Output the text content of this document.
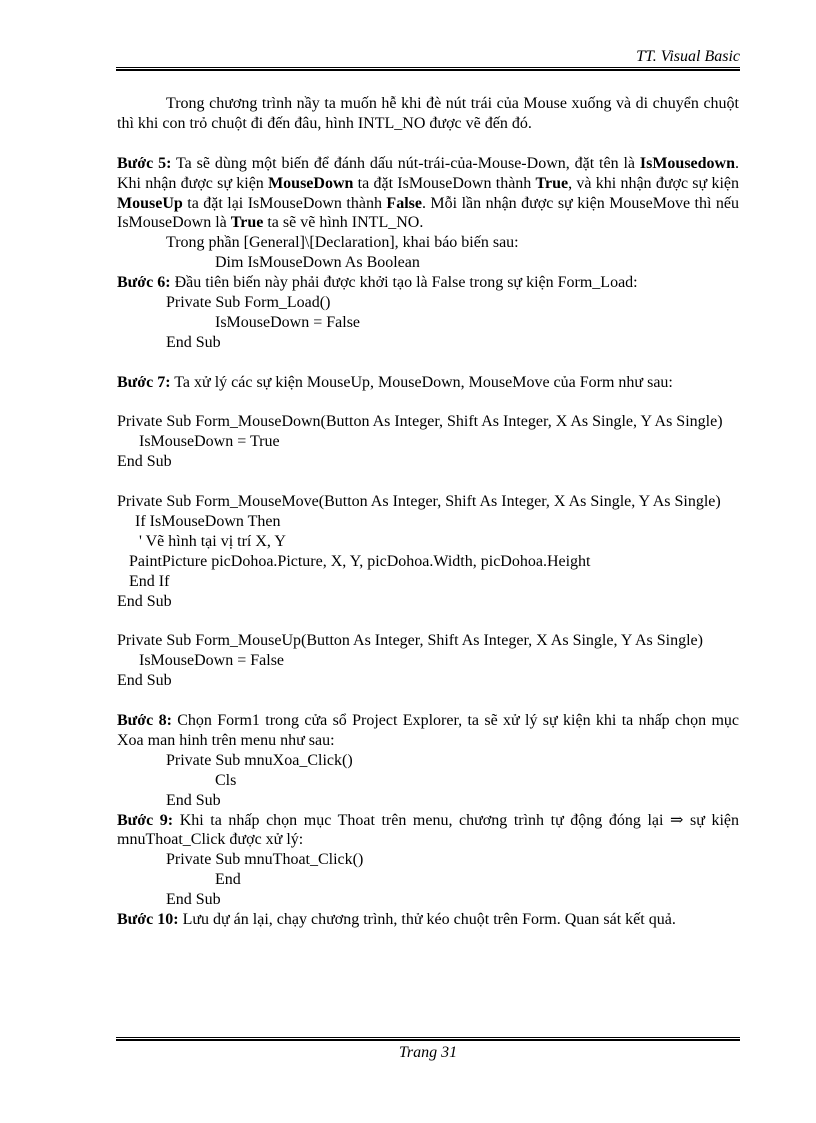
TT. Visual Basic

Trong chương trình nầy ta muốn hễ khi đè nút trái của Mouse xuống và di chuyển chuột thì khi con trỏ chuột đi đến đâu, hình INTL_NO được vẽ đến đó.

Bước 5: Ta sẽ dùng một biến để đánh dấu nút-trái-của-Mouse-Down, đặt tên là IsMousedown. Khi nhận được sự kiện MouseDown ta đặt IsMouseDown thành True, và khi nhận được sự kiện MouseUp ta đặt lại IsMouseDown thành False. Mỗi lần nhận được sự kiện MouseMove thì nếu IsMouseDown là True ta sẽ vẽ hình INTL_NO.

Trong phần [General]\[Declaration], khai báo biến sau:

Dim IsMouseDown As Boolean

Bước 6: Đầu tiên biến này phải được khởi tạo là False trong sự kiện Form_Load:

Private Sub Form_Load()

IsMouseDown = False

End Sub

Bước 7: Ta xử lý các sự kiện MouseUp, MouseDown, MouseMove của Form như sau:

Private Sub Form_MouseDown(Button As Integer, Shift As Integer, X As Single, Y As Single)

IsMouseDown = True

End Sub

Private Sub Form_MouseMove(Button As Integer, Shift As Integer, X As Single, Y As Single)

If IsMouseDown Then

' Vẽ hình tại vị trí X, Y

PaintPicture picDohoa.Picture, X, Y, picDohoa.Width, picDohoa.Height

End If

End Sub

Private Sub Form_MouseUp(Button As Integer, Shift As Integer, X As Single, Y As Single)

IsMouseDown = False

End Sub

Bước 8: Chọn Form1 trong cửa sổ Project Explorer, ta sẽ xử lý sự kiện khi ta nhấp chọn mục Xoa man hinh trên menu như sau:

Private Sub mnuXoa_Click()

Cls

End Sub

Bước 9: Khi ta nhấp chọn mục Thoat trên menu, chương trình tự động đóng lại ⇒ sự kiện mnuThoat_Click được xử lý:

Private Sub mnuThoat_Click()

End

End Sub

Bước 10: Lưu dự án lại, chạy chương trình, thử kéo chuột trên Form. Quan sát kết quả.

Trang 31
